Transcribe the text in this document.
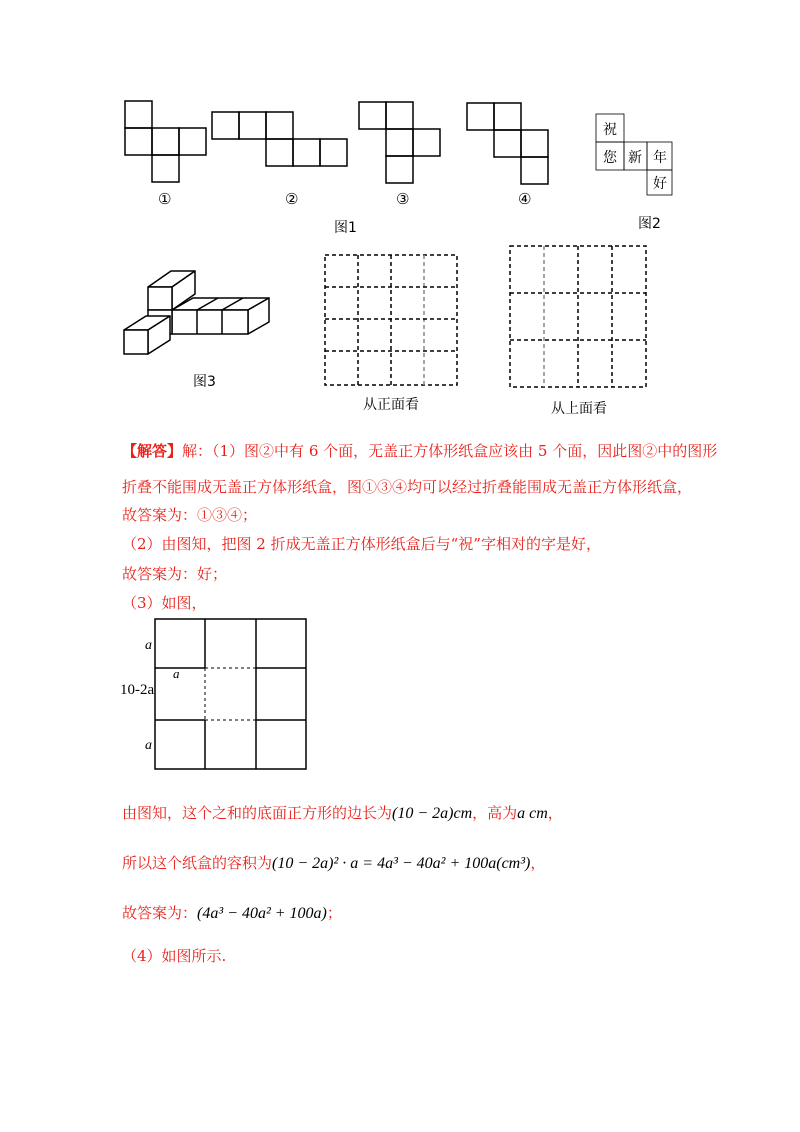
①	②	③	④
图1
祝
您 新 年
好
图2
图3
从正面看	从上面看
【解答】解：（1）图②中有 6 个面，无盖正方体形纸盒应该由 5 个面，因此图②中的图形
折叠不能围成无盖正方体形纸盒，图①③④均可以经过折叠能围成无盖正方体形纸盒，
故答案为：①③④；
（2）由图知，把图 2 折成无盖正方体形纸盒后与“祝”字相对的字是好，
故答案为：好；
（3）如图，
a
a
10-2a
a
由图知，这个之和的底面正方形的边长为(10 − 2a)cm，高为a cm，
所以这个纸盒的容积为(10 − 2a)² · a = 4a³ − 40a² + 100a(cm³)，
故答案为：(4a³ − 40a² + 100a)；
（4）如图所示.
